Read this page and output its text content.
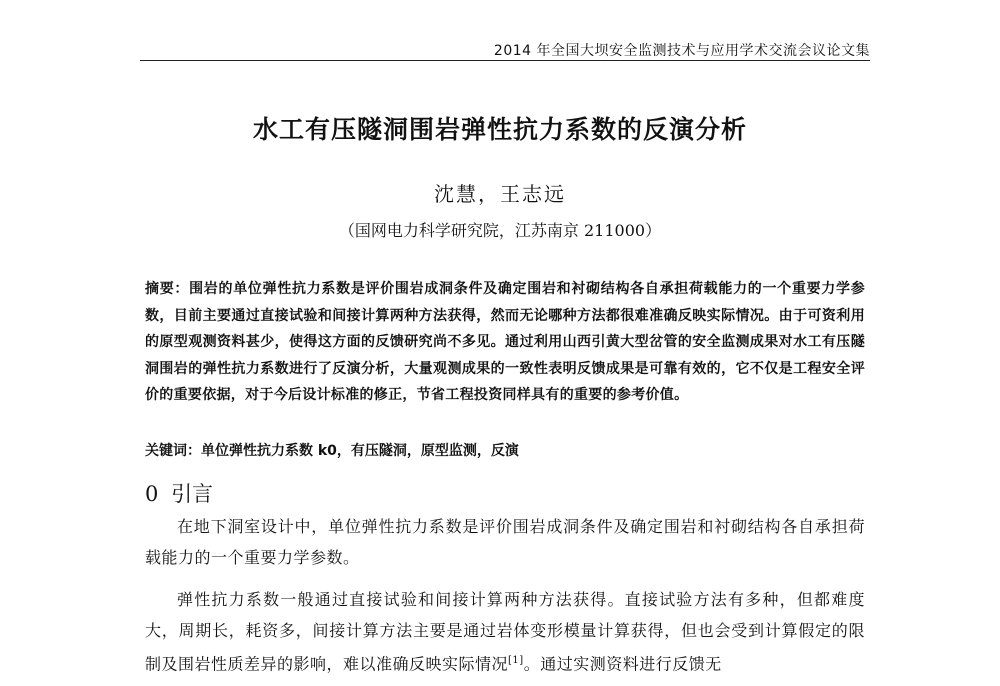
2014 年全国大坝安全监测技术与应用学术交流会议论文集
水工有压隧洞围岩弹性抗力系数的反演分析
沈慧，王志远
（国网电力科学研究院，江苏南京 211000）
摘要：围岩的单位弹性抗力系数是评价围岩成洞条件及确定围岩和衬砌结构各自承担荷载能力的一个重要力学参数，目前主要通过直接试验和间接计算两种方法获得，然而无论哪种方法都很难准确反映实际情况。由于可资利用的原型观测资料甚少，使得这方面的反馈研究尚不多见。通过利用山西引黄大型岔管的安全监测成果对水工有压隧洞围岩的弹性抗力系数进行了反演分析，大量观测成果的一致性表明反馈成果是可靠有效的，它不仅是工程安全评价的重要依据，对于今后设计标准的修正，节省工程投资同样具有的重要的参考价值。
关键词：单位弹性抗力系数 k0，有压隧洞，原型监测，反演
0 引言
在地下洞室设计中，单位弹性抗力系数是评价围岩成洞条件及确定围岩和衬砌结构各自承担荷载能力的一个重要力学参数。
弹性抗力系数一般通过直接试验和间接计算两种方法获得。直接试验方法有多种，但都难度大，周期长，耗资多，间接计算方法主要是通过岩体变形模量计算获得，但也会受到计算假定的限制及围岩性质差异的影响，难以准确反映实际情况[1]。通过实测资料进行反馈无
